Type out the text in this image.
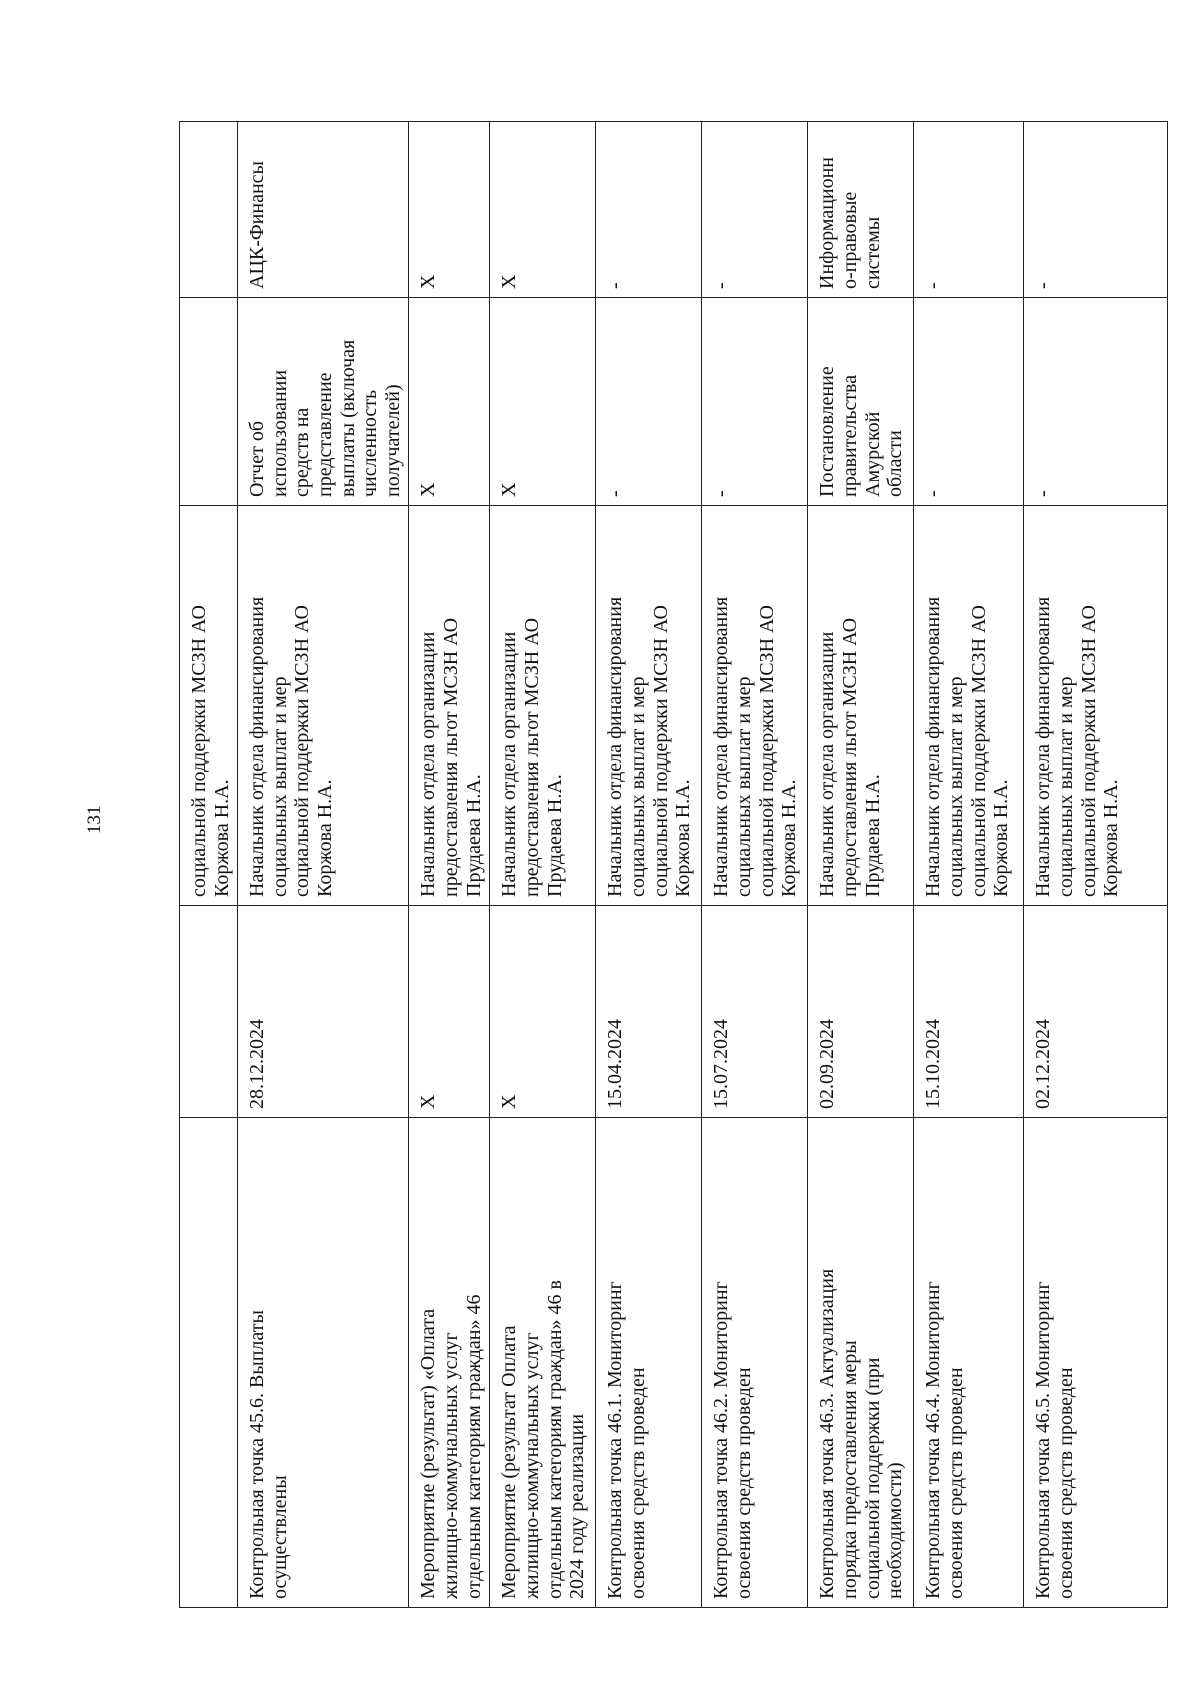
131

		социальной поддержки МСЗН АО
Коржова Н.А.		

Контрольная точка 45.6. Выплаты
осуществлены	28.12.2024	Начальник отдела финансирования
социальных выплат и мер
социальной поддержки МСЗН АО
Коржова Н.А.	Отчет об использовании
средств на представление
выплаты (включая
численность получателей)	АЦК-Финансы

Мероприятие (результат) «Оплата
жилищно-коммунальных услуг
отдельным категориям граждан» 46	Х	Начальник отдела организации
предоставления льгот МСЗН АО
Прудаева Н.А.	Х	Х

Мероприятие (результат Оплата
жилищно-коммунальных услуг
отдельным категориям граждан» 46 в
2024 году реализации	Х	Начальник отдела организации
предоставления льгот МСЗН АО
Прудаева Н.А.	Х	Х

Контрольная точка 46.1. Мониторинг
освоения средств проведен	15.04.2024	Начальник отдела финансирования
социальных выплат и мер
социальной поддержки МСЗН АО
Коржова Н.А.	-	-

Контрольная точка 46.2. Мониторинг
освоения средств проведен	15.07.2024	Начальник отдела финансирования
социальных выплат и мер
социальной поддержки МСЗН АО
Коржова Н.А.	-	-

Контрольная точка 46.3. Актуализация
порядка предоставления меры
социальной поддержки (при
необходимости)	02.09.2024	Начальник отдела организации
предоставления льгот МСЗН АО
Прудаева Н.А.	Постановление
правительства Амурской
области	Информационн
о-правовые
системы

Контрольная точка 46.4. Мониторинг
освоения средств проведен	15.10.2024	Начальник отдела финансирования
социальных выплат и мер
социальной поддержки МСЗН АО
Коржова Н.А.	-	-

Контрольная точка 46.5. Мониторинг
освоения средств проведен	02.12.2024	Начальник отдела финансирования
социальных выплат и мер
социальной поддержки МСЗН АО
Коржова Н.А.	-	-
